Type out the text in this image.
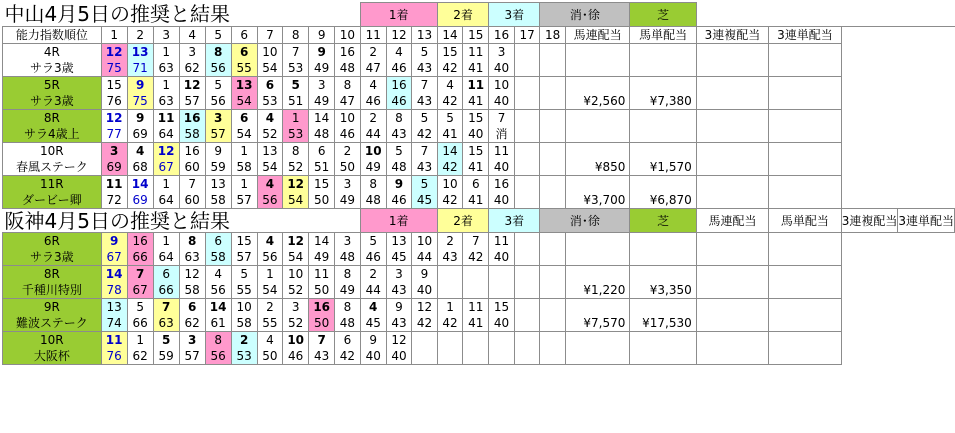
中山4月5日の推奨と結果											1着			2着		3着		消･徐		芝				
能力指数順位	1	2	3	4	5	6	7	8	9	10	11	12	13	14	15	16	17	18	馬連配当	馬単配当	3連複配当	3連単配当		
4R	12	13	1	3	8	6	10	7	9	16	2	4	5	15	11	3								
サラ3歳	75	71	63	62	56	55	54	53	49	48	47	46	43	42	41	40								
5R	15	9	1	12	5	13	6	5	3	8	4	16	7	4	11	10			¥2,560	¥7,380				
サラ3歳	76	75	63	57	56	54	53	51	49	47	46	46	43	42	41	40								
8R	12	9	11	16	3	6	4	1	14	10	2	8	5	5	15	7								
サラ4歳上	77	69	64	58	57	54	52	53	48	46	44	43	42	41	40	消								
10R	3	4	12	16	9	1	13	8	6	2	10	5	7	14	15	11			¥850	¥1,570				
春風ステーク	69	68	67	60	59	58	54	52	51	50	49	48	43	42	41	40								
11R	11	14	1	7	13	1	4	12	15	3	8	9	5	10	6	16			¥3,700	¥6,870				
ダービー卿	72	69	64	60	58	57	56	54	50	49	48	46	45	42	41	40								
阪神4月5日の推奨と結果											1着			2着		3着		消･徐		芝	馬連配当	馬単配当	3連複配当	3連単配当
6R	9	16	1	8	6	15	4	12	14	3	5	13	10	2	7	11								
サラ3歳	67	66	64	63	58	57	56	54	49	48	46	45	44	43	42	40								
8R	14	7	6	12	4	5	1	10	11	8	2	3	9						¥1,220	¥3,350				
千種川特別	78	67	66	58	56	55	54	52	50	49	44	43	40											
9R	13	5	7	6	14	10	2	3	16	8	4	9	12	1	11	15			¥7,570	¥17,530				
難波ステーク	74	66	63	62	61	58	55	52	50	48	45	43	42	42	41	40								
10R	11	1	5	3	8	2	4	10	7	6	9	12												
大阪杯	76	62	59	57	56	53	50	46	43	42	40	40												
